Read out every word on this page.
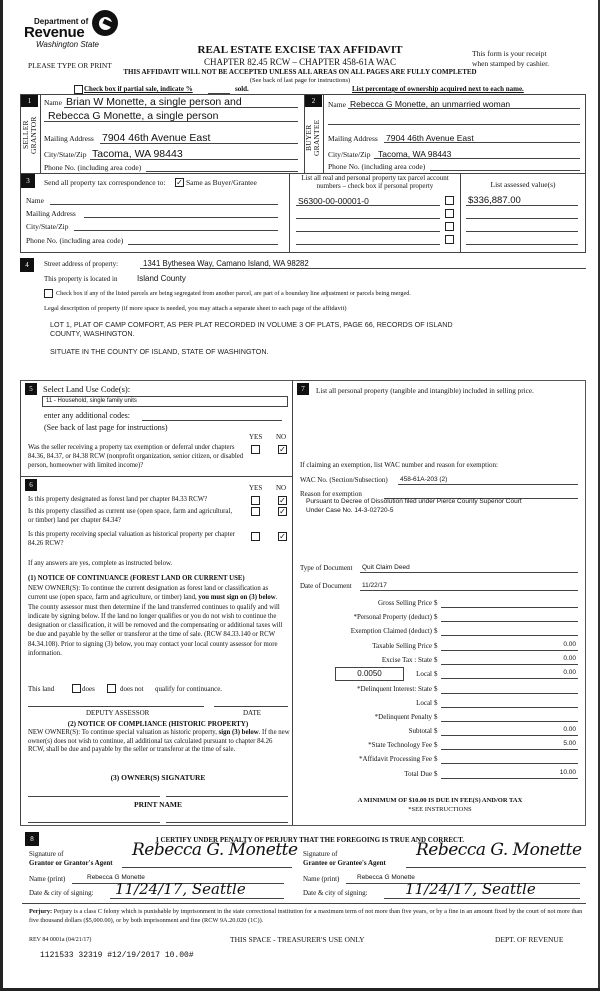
Department of
Revenue
Washington State
PLEASE TYPE OR PRINT
REAL ESTATE EXCISE TAX AFFIDAVIT
CHAPTER 82.45 RCW – CHAPTER 458-61A WAC
This form is your receipt
when stamped by cashier.
THIS AFFIDAVIT WILL NOT BE ACCEPTED UNLESS ALL AREAS ON ALL PAGES ARE FULLY COMPLETED
(See back of last page for instructions)
Check box if partial sale, indicate %	sold.	List percentage of ownership acquired next to each name.
1
SELLER GRANTOR
Name Brian W Monette, a single person and
Rebecca G Monette, a single person
Mailing Address 7904 46th Avenue East
City/State/Zip Tacoma, WA 98443
Phone No. (including area code)
2
BUYER GRANTEE
Name Rebecca G Monette, an unmarried woman
Mailing Address 7904 46th Avenue East
City/State/Zip Tacoma, WA 98443
Phone No. (including area code)
3	Send all property tax correspondence to: ✓ Same as Buyer/Grantee
Name
Mailing Address
City/State/Zip
Phone No. (including area code)
List all real and personal property tax parcel account numbers – check box if personal property	List assessed value(s)
S6300-00-00001-0	$336,887.00
4	Street address of property:	1341 Bythesea Way, Camano Island, WA 98282
This property is located in Island County
Check box if any of the listed parcels are being segregated from another parcel, are part of a boundary line adjustment or parcels being merged.
Legal description of property (if more space is needed, you may attach a separate sheet to each page of the affidavit)
LOT 1, PLAT OF CAMP COMFORT, AS PER PLAT RECORDED IN VOLUME 3 OF PLATS, PAGE 66, RECORDS OF ISLAND
COUNTY, WASHINGTON.
SITUATE IN THE COUNTY OF ISLAND, STATE OF WASHINGTON.
5	Select Land Use Code(s):
11 - Household, single family units
enter any additional codes:
(See back of last page for instructions)
YES NO
Was the seller receiving a property tax exemption or deferral under chapters 84.36, 84.37, or 84.38 RCW (nonprofit organization, senior citizen, or disabled person, homeowner with limited income)?
✓
6	YES NO
Is this property designated as forest land per chapter 84.33 RCW?	✓
Is this property classified as current use (open space, farm and agricultural, or timber) land per chapter 84.34?
✓
Is this property receiving special valuation as historical property per chapter 84.26 RCW?
✓
If any answers are yes, complete as instructed below.
(1) NOTICE OF CONTINUANCE (FOREST LAND OR CURRENT USE)
NEW OWNER(S): To continue the current designation as forest land or classification as current use (open space, farm and agriculture, or timber) land, you must sign on (3) below. The county assessor must then determine if the land transferred continues to qualify and will indicate by signing below. If the land no longer qualifies or you do not wish to continue the designation or classification, it will be removed and the compensating or additional taxes will be due and payable by the seller or transferor at the time of sale. (RCW 84.33.140 or RCW 84.34.108). Prior to signing (3) below, you may contact your local county assessor for more information.
This land	does	does not qualify for continuance.
DEPUTY ASSESSOR	DATE
(2) NOTICE OF COMPLIANCE (HISTORIC PROPERTY)
NEW OWNER(S): To continue special valuation as historic property, sign (3) below. If the new owner(s) does not wish to continue, all additional tax calculated pursuant to chapter 84.26 RCW, shall be due and payable by the seller or transferor at the time of sale.
(3) OWNER(S) SIGNATURE
PRINT NAME
7	List all personal property (tangible and intangible) included in selling price.
If claiming an exemption, list WAC number and reason for exemption:
WAC No. (Section/Subsection) 458-61A-203 (2)
Reason for exemption
Pursuant to Decree of Dissolution filed under Pierce County Superior Court
Under Case No. 14-3-02720-5
Type of Document Quit Claim Deed
Date of Document 11/22/17
0.0050
Gross Selling Price $
*Personal Property (deduct) $
Exemption Claimed (deduct) $
Taxable Selling Price $	0.00
Excise Tax : State $	0.00
Local $	0.00
*Delinquent Interest: State $
Local $
*Delinquent Penalty $
Subtotal $	0.00
*State Technology Fee $	5.00
*Affidavit Processing Fee $
Total Due $	10.00
A MINIMUM OF $10.00 IS DUE IN FEE(S) AND/OR TAX
*SEE INSTRUCTIONS
8	I CERTIFY UNDER PENALTY OF PERJURY THAT THE FOREGOING IS TRUE AND CORRECT.
Signature of
Grantor or Grantor's Agent
Rebecca G. Monette Signature of
Grantee or Grantee's Agent
Rebecca G. Monette
Name (print)	Rebecca G Monette	Name (print)	Rebecca G Monette
Date & city of signing: 11/24/17, Seattle	Date & city of signing: 11/24/17, Seattle
Perjury: Perjury is a class C felony which is punishable by imprisonment in the state correctional institution for a maximum term of not more than five years, or by a fine in an amount fixed by the court of not more than five thousand dollars ($5,000.00), or by both imprisonment and fine (RCW 9A.20.020 (1C)).
REV 84 0001a (04/21/17)	THIS SPACE - TREASURER'S USE ONLY	DEPT. OF REVENUE
1121533 32319 #12/19/2017 10.00#
